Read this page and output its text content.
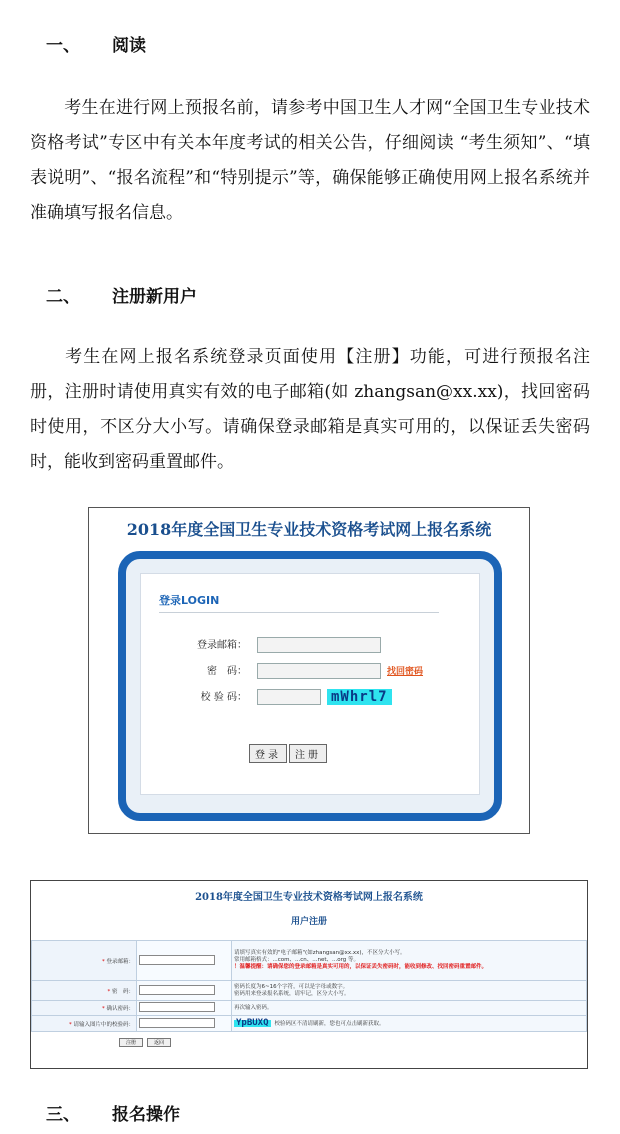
一、 阅读

考生在进行网上预报名前，请参考中国卫生人才网“全国卫生专业技术资格考试”专区中有关本年度考试的相关公告，仔细阅读 “考生须知”、“填表说明”、“报名流程”和“特别提示”等，确保能够正确使用网上报名系统并准确填写报名信息。

二、 注册新用户

考生在网上报名系统登录页面使用【注册】功能，可进行预报名注册，注册时请使用真实有效的电子邮箱(如 zhangsan@xx.xx)，找回密码时使用，不区分大小写。请确保登录邮箱是真实可用的，以保证丢失密码时，能收到密码重置邮件。

2018年度全国卫生专业技术资格考试网上报名系统
登录LOGIN
登录邮箱：
密　码：	找回密码
校 验 码：	mWhrl7
登录	注册
2018年度全国卫生专业技术资格考试网上报名系统
用户注册
* 登录邮箱：		请填写真实有效的"电子邮箱"(如zhangsan@xx.xx)，不区分大小写。
常用邮箱格式：...com、...cn、...net、...org 等。
！温馨提醒：请确保您的登录邮箱是真实可用的，以保证丢失密码时，能收到修改、找回密码重置邮件。

* 密　码：		密码长度为6~16个字符，可以是字母或数字。
密码用来登录报名系统，请牢记，区分大小写。

* 确认密码：		再次输入密码。
* 请输入图片中的校验码：		YpBUXQ 校验码区不清请刷新，您也可点击刷新获取。
注册	返回
三、 报名操作
